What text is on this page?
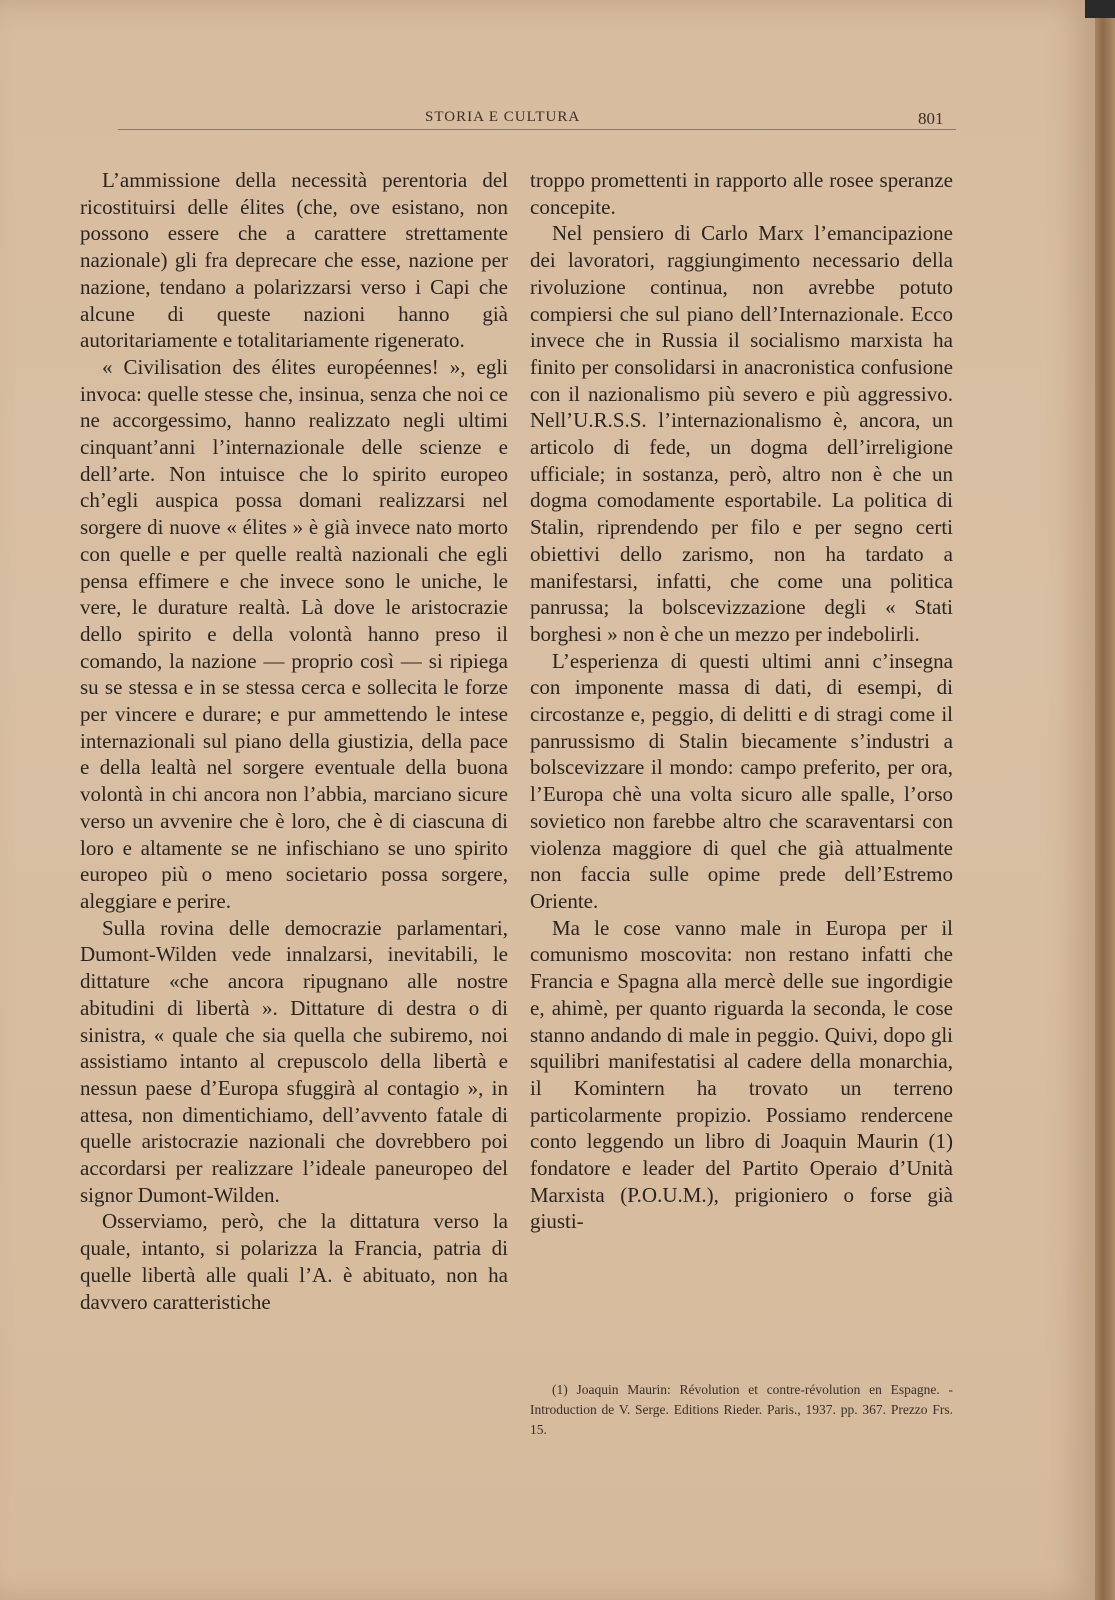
STORIA E CULTURA	801

L’ammissione della necessità perentoria del ricostituirsi delle élites (che, ove esistano, non possono essere che a carattere strettamente nazionale) gli fra deprecare che esse, nazione per nazione, tendano a polarizzarsi verso i Capi che alcune di queste nazioni hanno già autoritariamente e totalitariamente rigenerato.

« Civilisation des élites européennes! », egli invoca: quelle stesse che, insinua, senza che noi ce ne accorgessimo, hanno realizzato negli ultimi cinquant’anni l’internazionale delle scienze e dell’arte. Non intuisce che lo spirito europeo ch’egli auspica possa domani realizzarsi nel sorgere di nuove « élites » è già invece nato morto con quelle e per quelle realtà nazionali che egli pensa effimere e che invece sono le uniche, le vere, le durature realtà. Là dove le aristocrazie dello spirito e della volontà hanno preso il comando, la nazione — proprio così — si ripiega su se stessa e in se stessa cerca e sollecita le forze per vincere e durare; e pur ammettendo le intese internazionali sul piano della giustizia, della pace e della lealtà nel sorgere eventuale della buona volontà in chi ancora non l’abbia, marciano sicure verso un avvenire che è loro, che è di ciascuna di loro e altamente se ne infischiano se uno spirito europeo più o meno societario possa sorgere, aleggiare e perire.

Sulla rovina delle democrazie parlamentari, Dumont-Wilden vede innalzarsi, inevitabili, le dittature «che ancora ripugnano alle nostre abitudini di libertà ». Dittature di destra o di sinistra, « quale che sia quella che subiremo, noi assistiamo intanto al crepuscolo della libertà e nessun paese d’Europa sfuggirà al contagio », in attesa, non dimentichiamo, dell’avvento fatale di quelle aristocrazie nazionali che dovrebbero poi accordarsi per realizzare l’ideale paneuropeo del signor Dumont-Wilden.

Osserviamo, però, che la dittatura verso la quale, intanto, si polarizza la Francia, patria di quelle libertà alle quali l’A. è abituato, non ha davvero caratteristiche

troppo promettenti in rapporto alle rosee speranze concepite.

Nel pensiero di Carlo Marx l’emancipazione dei lavoratori, raggiungimento necessario della rivoluzione continua, non avrebbe potuto compiersi che sul piano dell’Internazionale. Ecco invece che in Russia il socialismo marxista ha finito per consolidarsi in anacronistica confusione con il nazionalismo più severo e più aggressivo. Nell’U.R.S.S. l’internazionalismo è, ancora, un articolo di fede, un dogma dell’irreligione ufficiale; in sostanza, però, altro non è che un dogma comodamente esportabile. La politica di Stalin, riprendendo per filo e per segno certi obiettivi dello zarismo, non ha tardato a manifestarsi, infatti, che come una politica panrussa; la bolscevizzazione degli « Stati borghesi » non è che un mezzo per indebolirli.

L’esperienza di questi ultimi anni c’insegna con imponente massa di dati, di esempi, di circostanze e, peggio, di delitti e di stragi come il panrussismo di Stalin biecamente s’industri a bolscevizzare il mondo: campo preferito, per ora, l’Europa chè una volta sicuro alle spalle, l’orso sovietico non farebbe altro che scaraventarsi con violenza maggiore di quel che già attualmente non faccia sulle opime prede dell’Estremo Oriente.

Ma le cose vanno male in Europa per il comunismo moscovita: non restano infatti che Francia e Spagna alla mercè delle sue ingordigie e, ahimè, per quanto riguarda la seconda, le cose stanno andando di male in peggio. Quivi, dopo gli squilibri manifestatisi al cadere della monarchia, il Komintern ha trovato un terreno particolarmente propizio. Possiamo rendercene conto leggendo un libro di Joaquin Maurin (1) fondatore e leader del Partito Operaio d’Unità Marxista (P.O.U.M.), prigioniero o forse già giusti-

(1) Joaquin Maurin: Révolution et contre-révolution en Espagne. - Introduction de V. Serge. Editions Rieder. Paris., 1937. pp. 367. Prezzo Frs. 15.
